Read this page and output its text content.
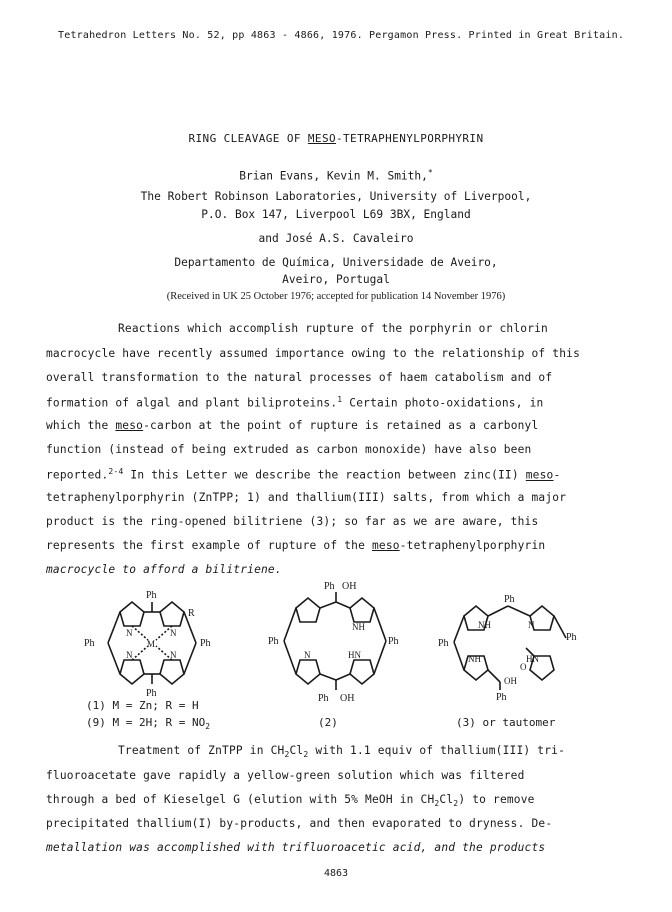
Tetrahedron Letters No. 52, pp 4863 - 4866, 1976. Pergamon Press. Printed in Great Britain.
RING CLEAVAGE OF MESO-TETRAPHENYLPORPHYRIN
Brian Evans, Kevin M. Smith,*
The Robert Robinson Laboratories, University of Liverpool,
P.O. Box 147, Liverpool L69 3BX, England
and José A.S. Cavaleiro
Departamento de Química, Universidade de Aveiro,
Aveiro, Portugal
(Received in UK 25 October 1976; accepted for publication 14 November 1976)
Reactions which accomplish rupture of the porphyrin or chlorin
macrocycle have recently assumed importance owing to the relationship of this
overall transformation to the natural processes of haem catabolism and of
formation of algal and plant biliproteins.$^1$ Certain photo-oxidations, in
which the meso-carbon at the point of rupture is retained as a carbonyl
function (instead of being extruded as carbon monoxide) have also been
reported.$^{2-4}$ In this Letter we describe the reaction between zinc(II) meso-
tetraphenylporphyrin (ZnTPP; 1) and thallium(III) salts, from which a major
product is the ring-opened bilitriene (3); so far as we are aware, this
represents the first example of rupture of the meso-tetraphenylporphyrin
macrocycle to afford a bilitriene.
Ph
R
Ph	Ph
Ph
N	N
N	N
M
Ph OH
NH
Ph	Ph
N	HN
Ph OH
Ph
NH	N
Ph
Ph
NH	HN
O
OH
Ph
(1) M = Zn; R = H
(9) M = 2H; $R = NO_2$	(2)	(3) or tautomer
Treatment of ZnTPP in $CH_2Cl_2$ with 1.1 equiv of thallium(III) tri-
fluoroacetate gave rapidly a yellow-green solution which was filtered
through a bed of Kieselgel G (elution with 5% MeOH in $CH_2Cl_2$) to remove
precipitated thallium(I) by-products, and then evaporated to dryness. De-
metallation was accomplished with trifluoroacetic acid, and the products
4863
